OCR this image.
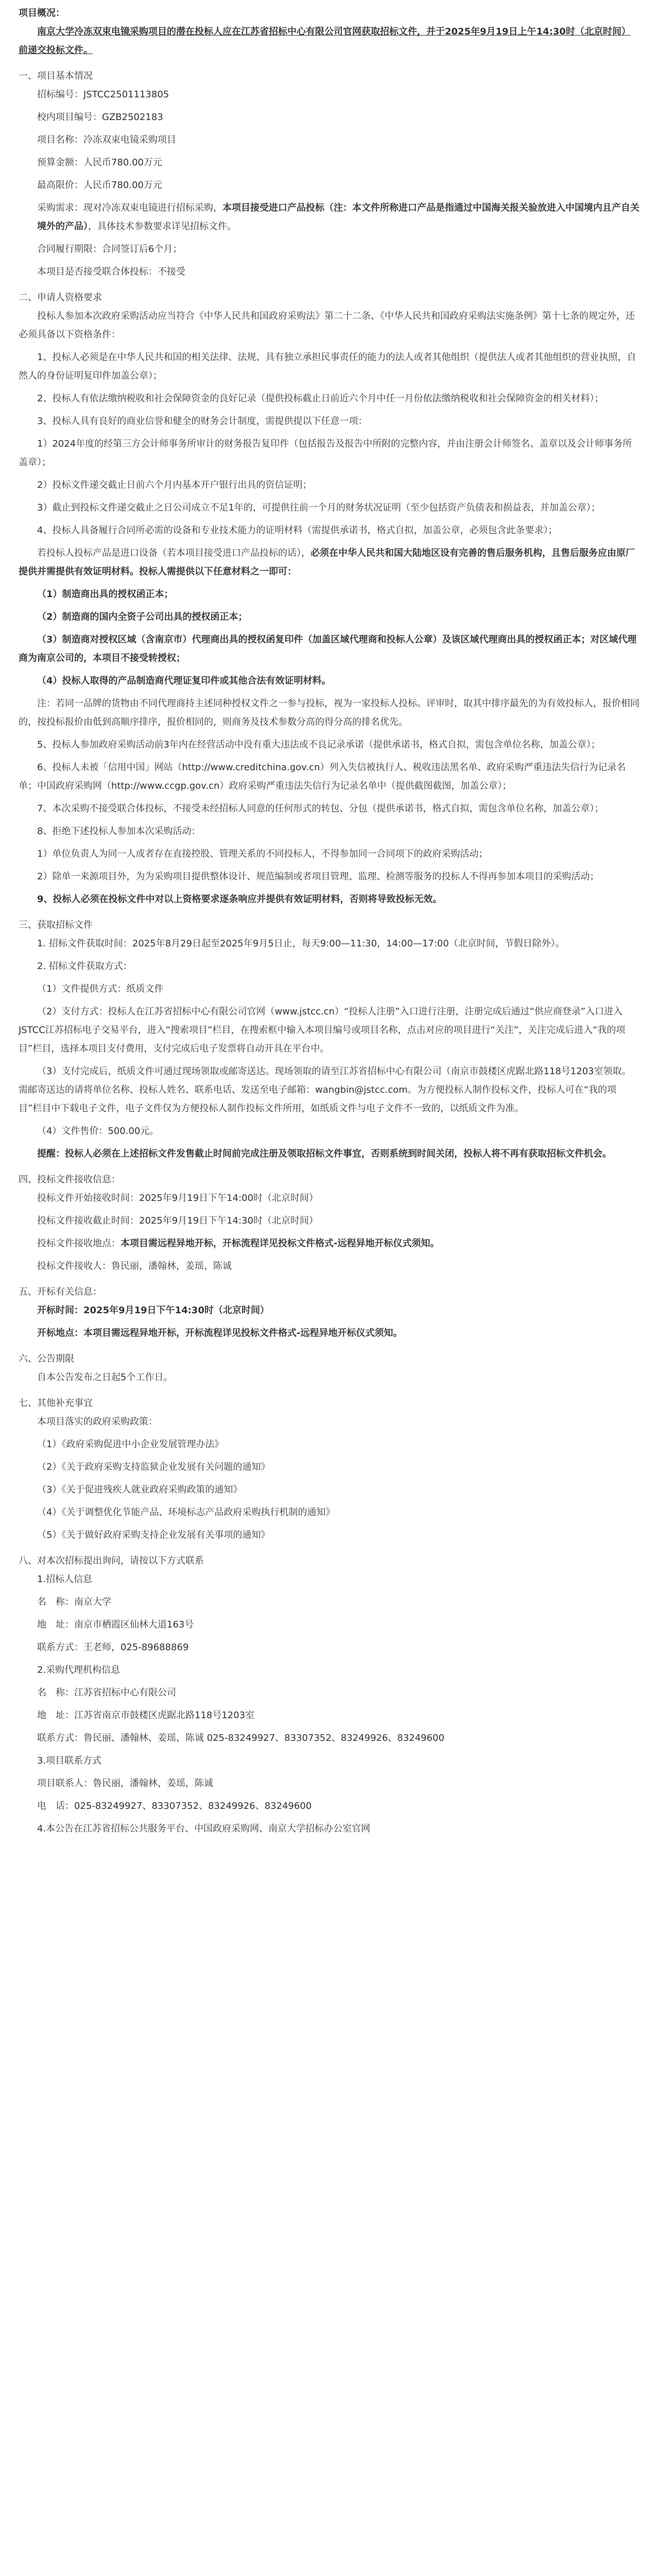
项目概况：

南京大学冷冻双束电镜采购项目的潜在投标人应在江苏省招标中心有限公司官网获取招标文件，并于2025年9月19日上午14:30时（北京时间）前递交投标文件。

一、项目基本情况

招标编号：JSTCC2501113805

校内项目编号：GZB2502183

项目名称：冷冻双束电镜采购项目

预算金额：人民币780.00万元

最高限价：人民币780.00万元

采购需求：现对冷冻双束电镜进行招标采购，本项目接受进口产品投标（注：本文件所称进口产品是指通过中国海关报关验放进入中国境内且产自关境外的产品），具体技术参数要求详见招标文件。

合同履行期限：合同签订后6个月；

本项目是否接受联合体投标：不接受

二、申请人资格要求

投标人参加本次政府采购活动应当符合《中华人民共和国政府采购法》第二十二条、《中华人民共和国政府采购法实施条例》第十七条的规定外，还必须具备以下资格条件：

1、投标人必须是在中华人民共和国的相关法律、法规、具有独立承担民事责任的能力的法人或者其他组织（提供法人或者其他组织的营业执照，自然人的身份证明复印件加盖公章）；

2、投标人有依法缴纳税收和社会保障资金的良好记录（提供投标截止日前近六个月中任一月份依法缴纳税收和社会保障资金的相关材料）；

3、投标人具有良好的商业信誉和健全的财务会计制度，需提供提以下任意一项：

1）2024年度的经第三方会计师事务所审计的财务报告复印件（包括报告及报告中所附的完整内容，并由注册会计师签名、盖章以及会计师事务所盖章）；

2）投标文件递交截止日前六个月内基本开户银行出具的资信证明；

3）截止到投标文件递交截止之日公司成立不足1年的，可提供往前一个月的财务状况证明（至少包括资产负债表和损益表，并加盖公章）；

4、投标人具备履行合同所必需的设备和专业技术能力的证明材料（需提供承诺书，格式自拟，加盖公章，必须包含此条要求）；

若投标人投标产品是进口设备（若本项目接受进口产品投标的话），必须在中华人民共和国大陆地区设有完善的售后服务机构，且售后服务应由原厂提供并需提供有效证明材料。投标人需提供以下任意材料之一即可：

（1）制造商出具的授权函正本；

（2）制造商的国内全资子公司出具的授权函正本；

（3）制造商对授权区域（含南京市）代理商出具的授权函复印件（加盖区域代理商和投标人公章）及该区域代理商出具的授权函正本；对区域代理商为南京公司的，本项目不接受转授权；

（4）投标人取得的产品制造商代理证复印件或其他合法有效证明材料。

注：若同一品牌的货物由不同代理商持主述同种授权文件之一参与投标，视为一家投标人投标。评审时，取其中排序最先的为有效投标人，报价相同的，按投标报价由低到高顺序排序，报价相同的，则商务及技术参数分高的得分高的排名优先。

5、投标人参加政府采购活动前3年内在经营活动中没有重大违法或不良记录承诺（提供承诺书，格式自拟，需包含单位名称，加盖公章）；

6、投标人未被「信用中国」网站（http://www.creditchina.gov.cn）列入失信被执行人、税收违法黑名单、政府采购严重违法失信行为记录名单；中国政府采购网（http://www.ccgp.gov.cn）政府采购严重违法失信行为记录名单中（提供截图截图，加盖公章）；

7、本次采购不接受联合体投标，不接受未经招标人同意的任何形式的转包、分包（提供承诺书，格式自拟，需包含单位名称，加盖公章）；

8、拒绝下述投标人参加本次采购活动：

1）单位负责人为同一人或者存在直接控股、管理关系的不同投标人，不得参加同一合同项下的政府采购活动；

2）除单一来源项目外，为为采购项目提供整体设计、规范编制或者项目管理、监理、检测等服务的投标人不得再参加本项目的采购活动；

9、投标人必须在投标文件中对以上资格要求逐条响应并提供有效证明材料，否则将导致投标无效。

三、获取招标文件

1. 招标文件获取时间：2025年8月29日起至2025年9月5日止，每天9:00—11:30，14:00—17:00（北京时间，节假日除外）。

2. 招标文件获取方式：

（1）文件提供方式：纸质文件

（2）支付方式：投标人在江苏省招标中心有限公司官网（www.jstcc.cn）“投标人注册”入口进行注册，注册完成后通过“供应商登录”入口进入JSTCC江苏招标电子交易平台，进入“搜索项目”栏目，在搜索框中输入本项目编号或项目名称，点击对应的项目进行“关注”，关注完成后进入“我的项目”栏目，选择本项目支付费用，支付完成后电子发票将自动开具在平台中。

（3）支付完成后，纸质文件可通过现场领取或邮寄送达。现场领取的请至江苏省招标中心有限公司（南京市鼓楼区虎踞北路118号1203室领取。需邮寄送达的请将单位名称、投标人姓名、联系电话、发送至电子邮箱：wangbin@jstcc.com。为方便投标人制作投标文件，投标人可在“我的项目”栏目中下载电子文件，电子文件仅为方便投标人制作投标文件所用，如纸质文件与电子文件不一致的，以纸质文件为准。

（4）文件售价：500.00元。

提醒：投标人必须在上述招标文件发售截止时间前完成注册及领取招标文件事宜，否则系统到时间关闭，投标人将不再有获取招标文件机会。

四、投标文件接收信息：

投标文件开始接收时间：2025年9月19日下午14:00时（北京时间）

投标文件接收截止时间：2025年9月19日下午14:30时（北京时间）

投标文件接收地点：本项目需远程异地开标，开标流程详见投标文件格式-远程异地开标仪式须知。

投标文件接收人：鲁民丽，潘翰林，姜瑶，陈诚

五、开标有关信息：

开标时间：2025年9月19日下午14:30时（北京时间）

开标地点：本项目需远程异地开标，开标流程详见投标文件格式-远程异地开标仪式须知。

六、公告期限

自本公告发布之日起5个工作日。

七、其他补充事宜

本项目落实的政府采购政策：

（1）《政府采购促进中小企业发展管理办法》

（2）《关于政府采购支持监狱企业发展有关问题的通知》

（3）《关于促进残疾人就业政府采购政策的通知》

（4）《关于调整优化节能产品、环境标志产品政府采购执行机制的通知》

（5）《关于做好政府采购支持企业发展有关事项的通知》

八、对本次招标提出询问，请按以下方式联系

1.招标人信息

名　称：南京大学

地　址：南京市栖霞区仙林大道163号

联系方式：王老师，025-89688869

2.采购代理机构信息

名　称：江苏省招标中心有限公司

地　址：江苏省南京市鼓楼区虎踞北路118号1203室

联系方式：鲁民丽、潘翰林、姜瑶、陈诚 025-83249927、83307352、83249926、83249600

3.项目联系方式

项目联系人：鲁民丽，潘翰林，姜瑶，陈诚

电　话：025-83249927、83307352、83249926、83249600

4.本公告在江苏省招标公共服务平台、中国政府采购网、南京大学招标办公室官网
